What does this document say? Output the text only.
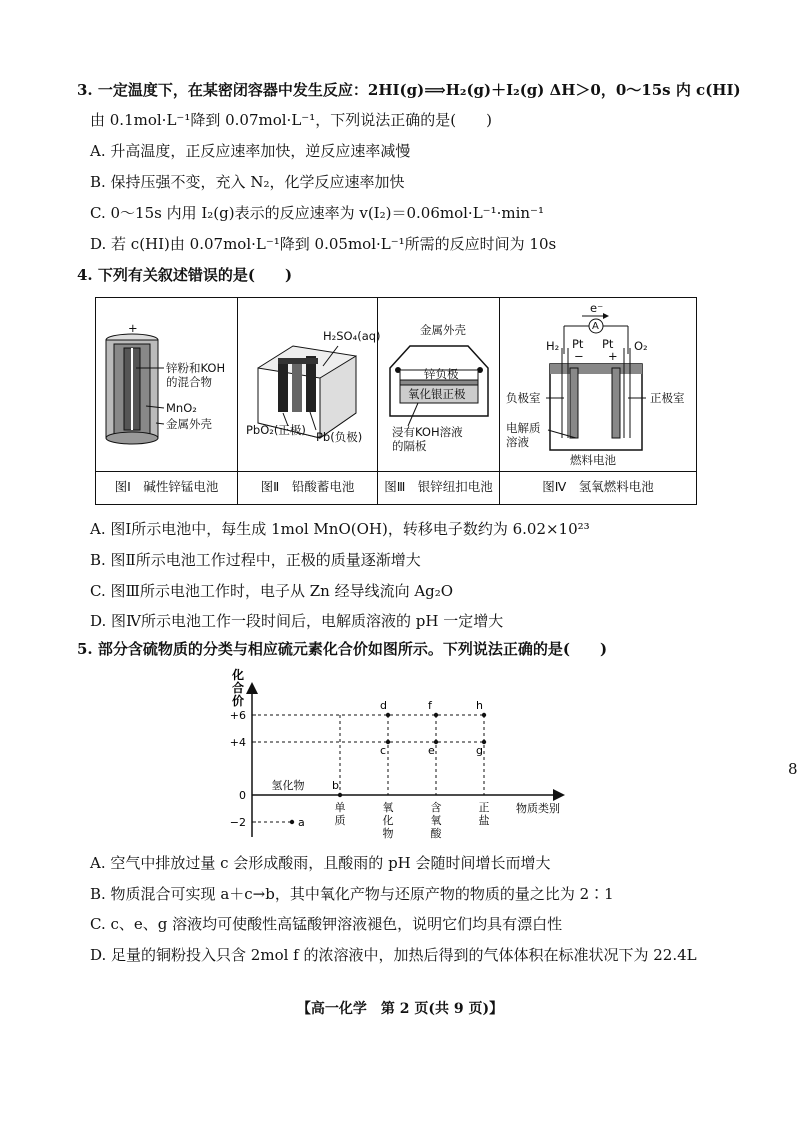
3. 一定温度下，在某密闭容器中发生反应：2HI(g)⟹H₂(g)＋I₂(g) ΔH＞0，0～15s 内 c(HI)
由 0.1mol·L⁻¹降到 0.07mol·L⁻¹，下列说法正确的是(　　)
A. 升高温度，正反应速率加快，逆反应速率减慢
B. 保持压强不变，充入 N₂，化学反应速率加快
C. 0～15s 内用 I₂(g)表示的反应速率为 v(I₂)＝0.06mol·L⁻¹·min⁻¹
D. 若 c(HI)由 0.07mol·L⁻¹降到 0.05mol·L⁻¹所需的反应时间为 10s
4. 下列有关叙述错误的是(　　)
+
锌粉和KOH
的混合物
MnO₂
金属外壳
图Ⅰ　碱性锌锰电池
H₂SO₄(aq)
PbO₂(正极) Pb(负极)
图Ⅱ　铅酸蓄电池
金属外壳
锌负极
氧化银正极
浸有KOH溶液
的隔板
图Ⅲ　银锌纽扣电池
e⁻
A
H₂ Pt
−
Pt
+
O₂
负极室	正极室
电解质
溶液
燃料电池
图Ⅳ　氢氧燃料电池
A. 图Ⅰ所示电池中，每生成 1mol MnO(OH)，转移电子数约为 6.02×10²³
B. 图Ⅱ所示电池工作过程中，正极的质量逐渐增大
C. 图Ⅲ所示电池工作时，电子从 Zn 经导线流向 Ag₂O
D. 图Ⅳ所示电池工作一段时间后，电解质溶液的 pH 一定增大
5. 部分含硫物质的分类与相应硫元素化合价如图所示。下列说法正确的是(　　)
化
合
价
+6
+4
0
−2
氢化物
单
质
氧
化
物
含
氧
酸
正
盐
物质类别
a
b
c
d
e
f
g
h
A. 空气中排放过量 c 会形成酸雨，且酸雨的 pH 会随时间增长而增大
B. 物质混合可实现 a＋c→b，其中氧化产物与还原产物的物质的量之比为 2∶1
C. c、e、g 溶液均可使酸性高锰酸钾溶液褪色，说明它们均具有漂白性
D. 足量的铜粉投入只含 2mol f 的浓溶液中，加热后得到的气体体积在标准状况下为 22.4L
【高一化学　第 2 页(共 9 页)】
8
